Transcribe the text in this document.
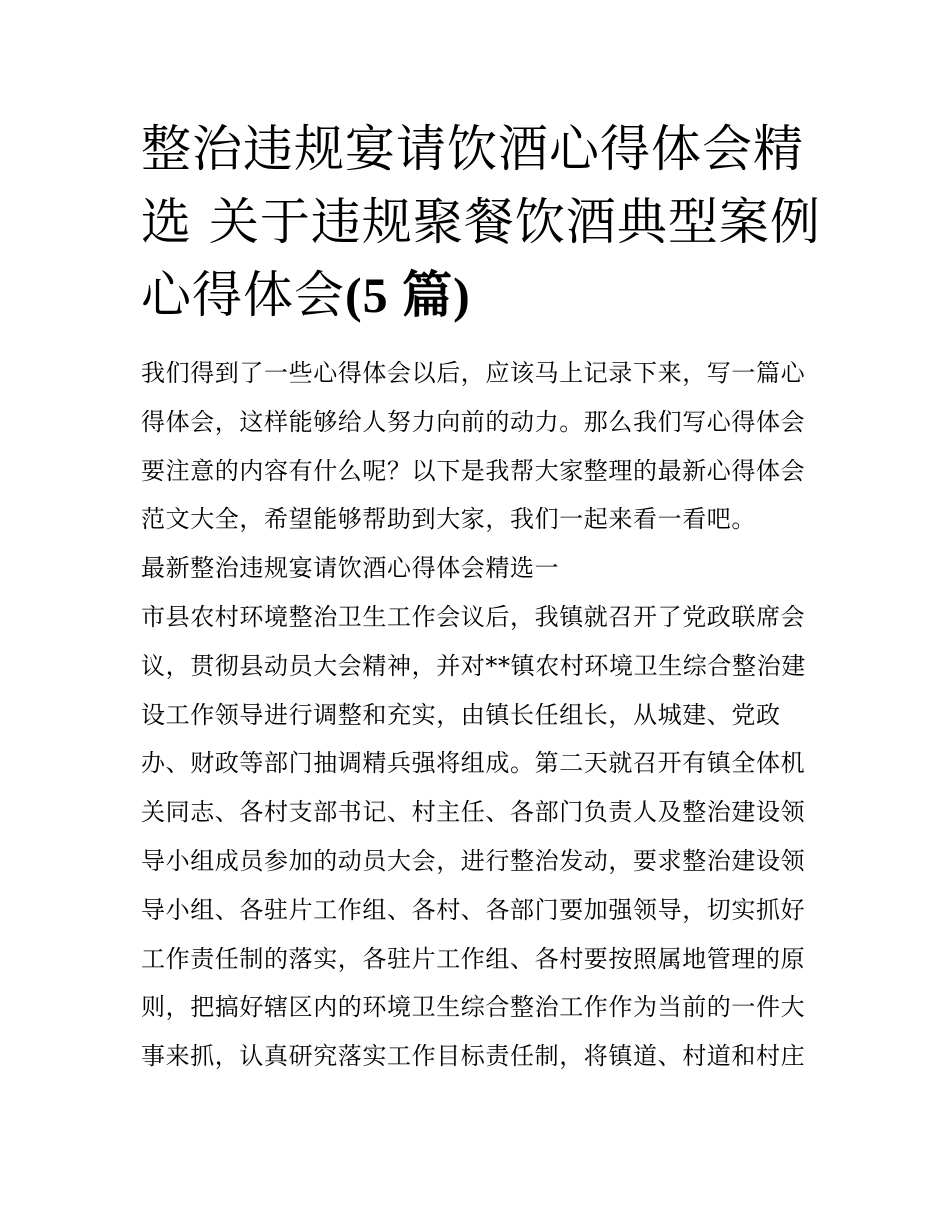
整治违规宴请饮酒心得体会精
选 关于违规聚餐饮酒典型案例
心得体会(5 篇)
我们得到了一些心得体会以后，应该马上记录下来，写一篇心
得体会，这样能够给人努力向前的动力。那么我们写心得体会
要注意的内容有什么呢？以下是我帮大家整理的最新心得体会
范文大全，希望能够帮助到大家，我们一起来看一看吧。
最新整治违规宴请饮酒心得体会精选一
市县农村环境整治卫生工作会议后，我镇就召开了党政联席会
议，贯彻县动员大会精神，并对**镇农村环境卫生综合整治建
设工作领导进行调整和充实，由镇长任组长，从城建、党政
办、财政等部门抽调精兵强将组成。第二天就召开有镇全体机
关同志、各村支部书记、村主任、各部门负责人及整治建设领
导小组成员参加的动员大会，进行整治发动，要求整治建设领
导小组、各驻片工作组、各村、各部门要加强领导，切实抓好
工作责任制的落实，各驻片工作组、各村要按照属地管理的原
则，把搞好辖区内的环境卫生综合整治工作作为当前的一件大
事来抓，认真研究落实工作目标责任制，将镇道、村道和村庄
